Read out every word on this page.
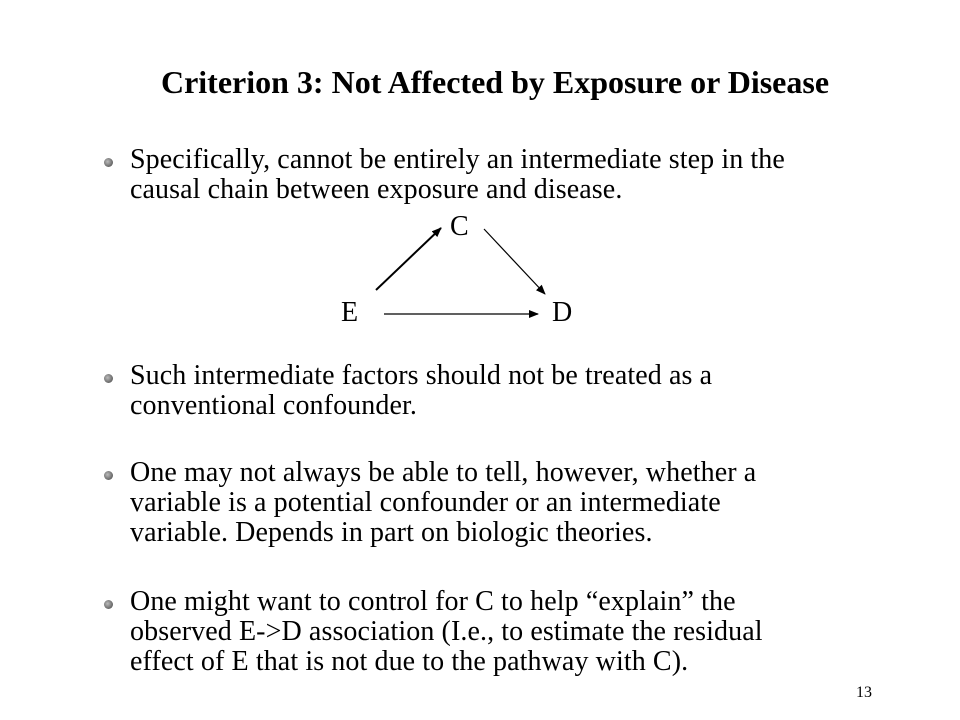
Criterion 3: Not Affected by Exposure or Disease
Specifically, cannot be entirely an intermediate step in the
causal chain between exposure and disease.
C
E	D
Such intermediate factors should not be treated as a
conventional confounder.
One may not always be able to tell, however, whether a
variable is a potential confounder or an intermediate
variable. Depends in part on biologic theories.
One might want to control for C to help “explain” the
observed E->D association (I.e., to estimate the residual
effect of E that is not due to the pathway with C).
13
